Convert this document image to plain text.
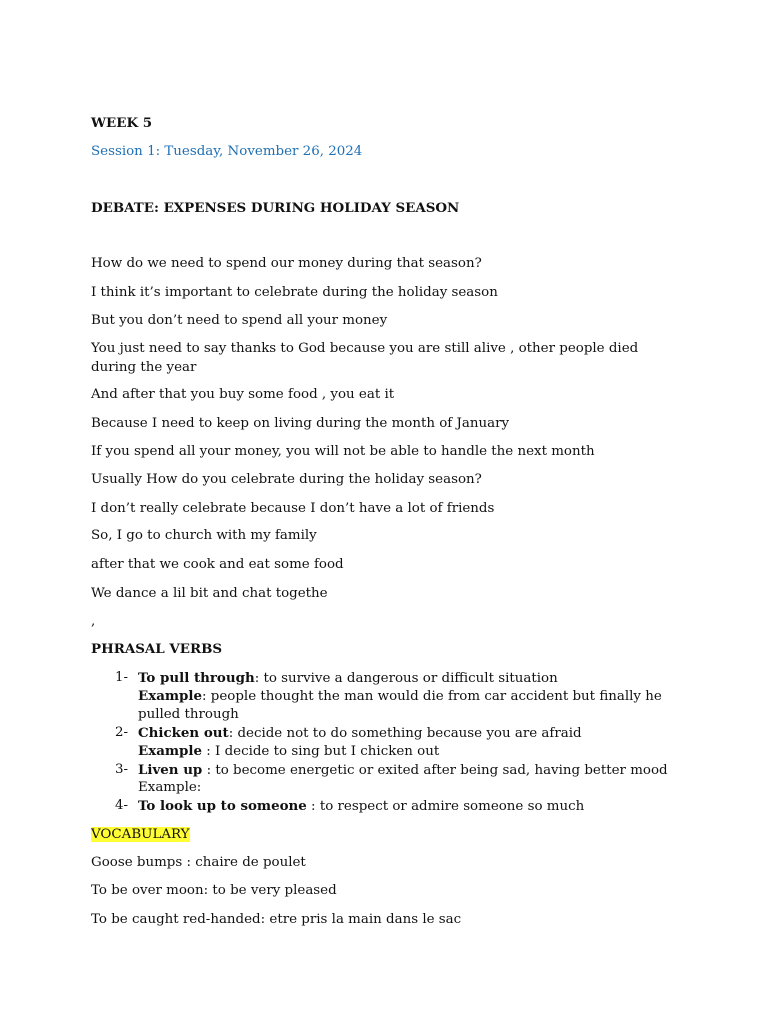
WEEK 5
Session 1: Tuesday, November 26, 2024
DEBATE: EXPENSES DURING HOLIDAY SEASON
How do we need to spend our money during that season?
I think it’s important to celebrate during the holiday season
But you don’t need to spend all your money
You just need to say thanks to God because you are still alive , other people died during the year
And after that you buy some food , you eat it
Because I need to keep on living during the month of January
If you spend all your money, you will not be able to handle the next month
Usually How do you celebrate during the holiday season?
I don’t really celebrate because I don’t have a lot of friends
So, I go to church with my family
after that we cook and eat some food
We dance a lil bit and chat togethe
,
PHRASAL VERBS
1- To pull through: to survive a dangerous or difficult situation
Example: people thought the man would die from car accident but finally he
pulled through
2- Chicken out: decide not to do something because you are afraid
Example : I decide to sing but I chicken out
3- Liven up : to become energetic or exited after being sad, having better mood
Example:
4- To look up to someone : to respect or admire someone so much
VOCABULARY
Goose bumps : chaire de poulet
To be over moon: to be very pleased
To be caught red-handed: etre pris la main dans le sac
